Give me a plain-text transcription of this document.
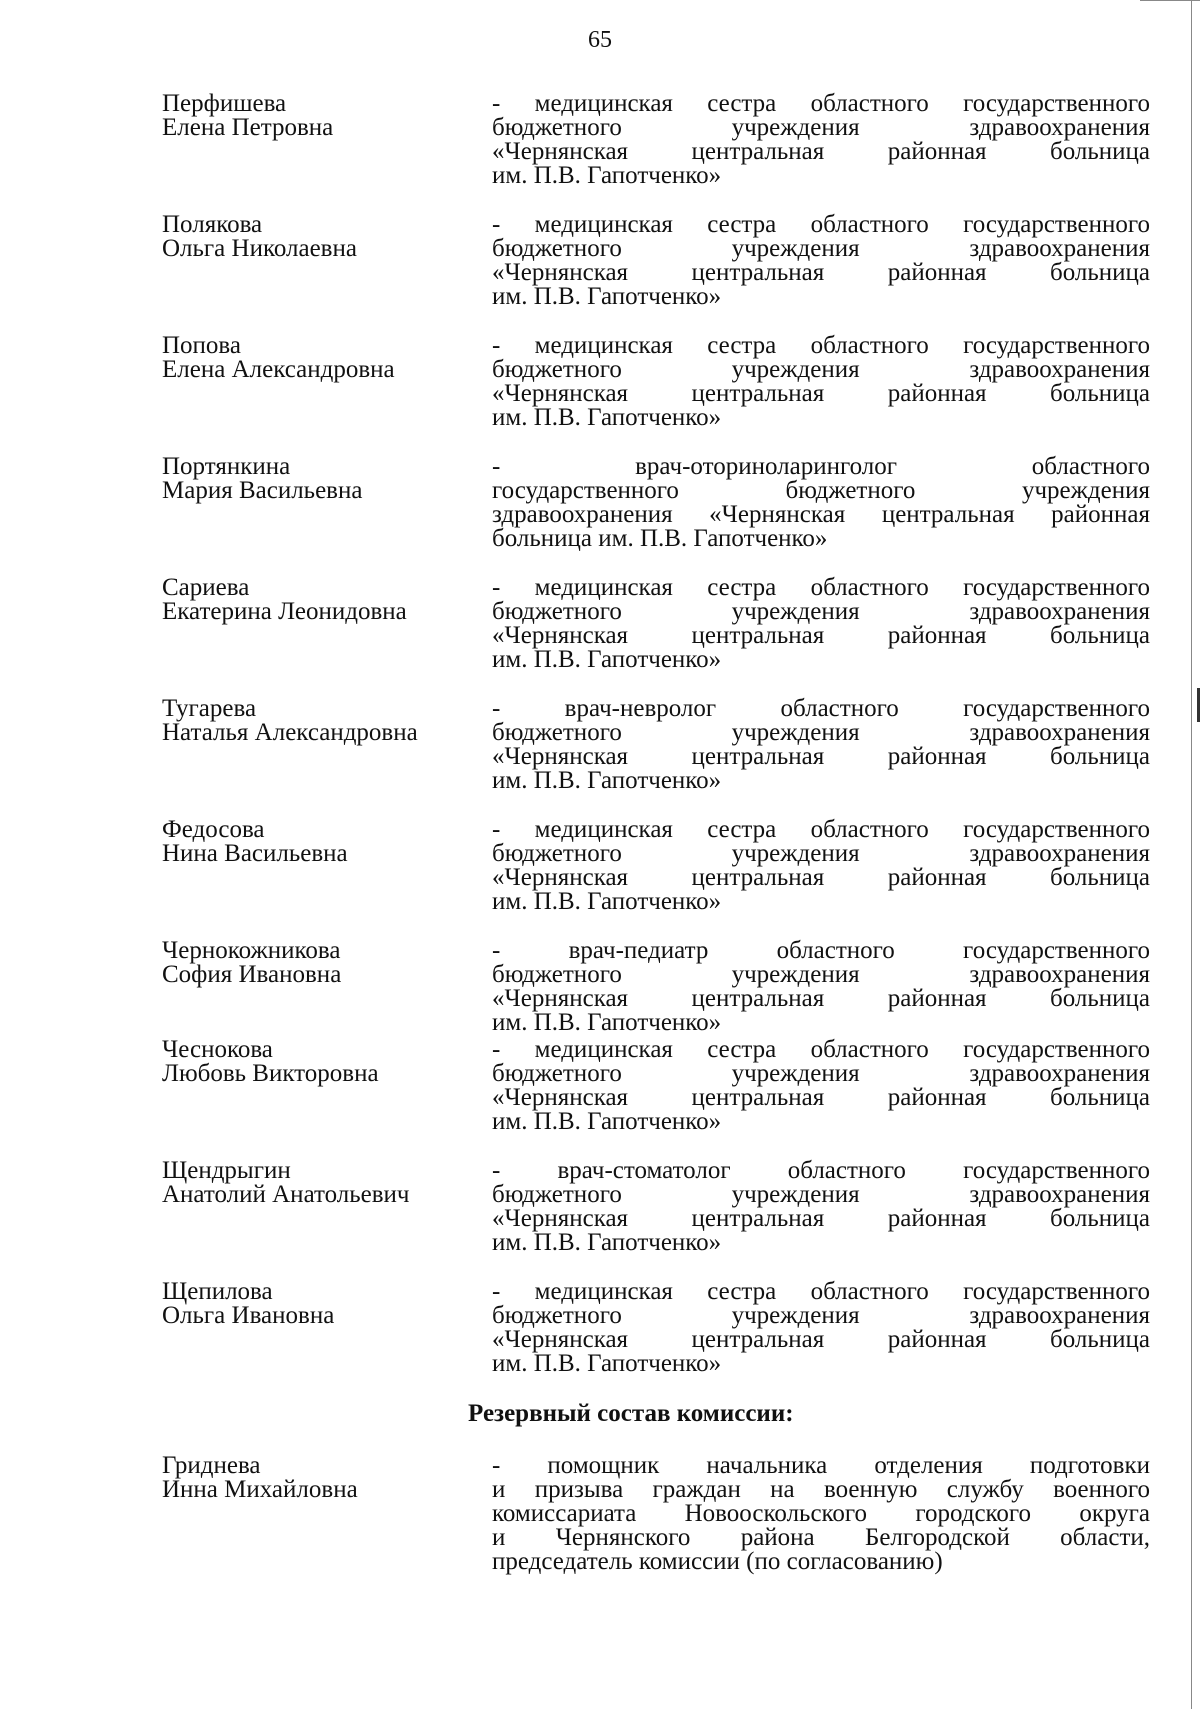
65
Перфишева
Елена Петровна
- медицинская сестра областного государственного
бюджетного учреждения здравоохранения
«Чернянская центральная районная больница
им. П.В. Гапотченко»
Полякова
Ольга Николаевна
- медицинская сестра областного государственного
бюджетного учреждения здравоохранения
«Чернянская центральная районная больница
им. П.В. Гапотченко»
Попова
Елена Александровна
- медицинская сестра областного государственного
бюджетного учреждения здравоохранения
«Чернянская центральная районная больница
им. П.В. Гапотченко»
Портянкина
Мария Васильевна
- врач-оториноларинголог областного
государственного бюджетного учреждения
здравоохранения «Чернянская центральная районная
больница им. П.В. Гапотченко»
Сариева
Екатерина Леонидовна
- медицинская сестра областного государственного
бюджетного учреждения здравоохранения
«Чернянская центральная районная больница
им. П.В. Гапотченко»
Тугарева
Наталья Александровна
- врач-невролог областного государственного
бюджетного учреждения здравоохранения
«Чернянская центральная районная больница
им. П.В. Гапотченко»
Федосова
Нина Васильевна
- медицинская сестра областного государственного
бюджетного учреждения здравоохранения
«Чернянская центральная районная больница
им. П.В. Гапотченко»
Чернокожникова
София Ивановна
- врач-педиатр областного государственного
бюджетного учреждения здравоохранения
«Чернянская центральная районная больница
им. П.В. Гапотченко»
Чеснокова
Любовь Викторовна
- медицинская сестра областного государственного
бюджетного учреждения здравоохранения
«Чернянская центральная районная больница
им. П.В. Гапотченко»
Щендрыгин
Анатолий Анатольевич
- врач-стоматолог областного государственного
бюджетного учреждения здравоохранения
«Чернянская центральная районная больница
им. П.В. Гапотченко»
Щепилова
Ольга Ивановна
- медицинская сестра областного государственного
бюджетного учреждения здравоохранения
«Чернянская центральная районная больница
им. П.В. Гапотченко»
Резервный состав комиссии:
Гриднева
Инна Михайловна
- помощник начальника отделения подготовки
и призыва граждан на военную службу военного
комиссариата Новооскольского городского округа
и Чернянского района Белгородской области,
председатель комиссии (по согласованию)
